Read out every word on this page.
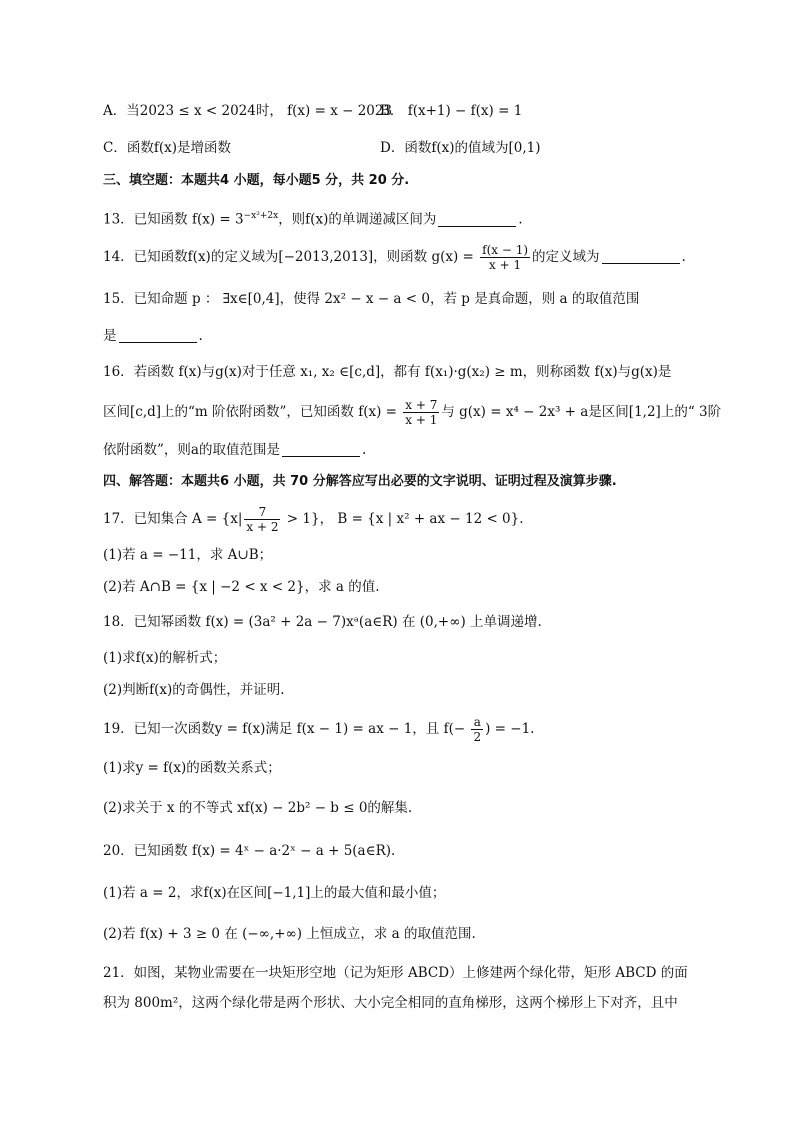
A．当2023 ≤ x < 2024时， f(x) = x − 2023
B． f(x+1) − f(x) = 1
C．函数f(x)是增函数	D．函数f(x)的值域为[0,1)
三、填空题：本题共4 小题，每小题5 分，共 20 分.
13．已知函数 $f(x) = 3^{-x^2+2x}$，则f(x)的单调递减区间为	.
14．已知函数f(x)的定义域为[−2013,2013]，则函数 $g(x) = \frac{f(x - 1)}{x + 1}$ 的定义域为	.
15．已知命题 p ： ∃x∈[0,4]，使得 2x² − x − a < 0，若 p 是真命题，则 a 的取值范围
是	.
16．若函数 f(x)与g(x)对于任意 x₁, x₂ ∈[c,d]，都有 f(x₁)·g(x₂) ≥ m，则称函数 f(x)与g(x)是
区间[c,d]上的“m 阶依附函数”，已知函数 $f(x) = \frac{x + 7}{x + 1}$ 与 g(x) = x⁴ − 2x³ + a是区间[1,2]上的“ 3阶
依附函数”，则a的取值范围是	.
四、解答题：本题共6 小题，共 70 分解答应写出必要的文字说明、证明过程及演算步骤.
17．已知集合 $A = \{x| \frac{7}{x + 2} > 1\}$， B = {x | x² + ax − 12 < 0}.
(1)若 a = −11，求 A∪B；
(2)若 A∩B = {x | −2 < x < 2}，求 a 的值.
18．已知幂函数 f(x) = (3a² + 2a − 7)xᵃ(a∈R) 在 (0,+∞) 上单调递增.
(1)求f(x)的解析式；
(2)判断f(x)的奇偶性，并证明.
19．已知一次函数y = f(x)满足 f(x − 1) = ax − 1，且 $f(- \frac{a}{2}$ ) = −1.
(1)求y = f(x)的函数关系式；
(2)求关于 x 的不等式 xf(x) − 2b² − b ≤ 0的解集.
20．已知函数 f(x) = 4ˣ − a·2ˣ − a + 5(a∈R).
(1)若 a = 2，求f(x)在区间[−1,1]上的最大值和最小值；
(2)若 f(x) + 3 ≥ 0 在 (−∞,+∞) 上恒成立，求 a 的取值范围.
21．如图，某物业需要在一块矩形空地（记为矩形 ABCD）上修建两个绿化带，矩形 ABCD 的面
积为 800m²，这两个绿化带是两个形状、大小完全相同的直角梯形，这两个梯形上下对齐，且中
